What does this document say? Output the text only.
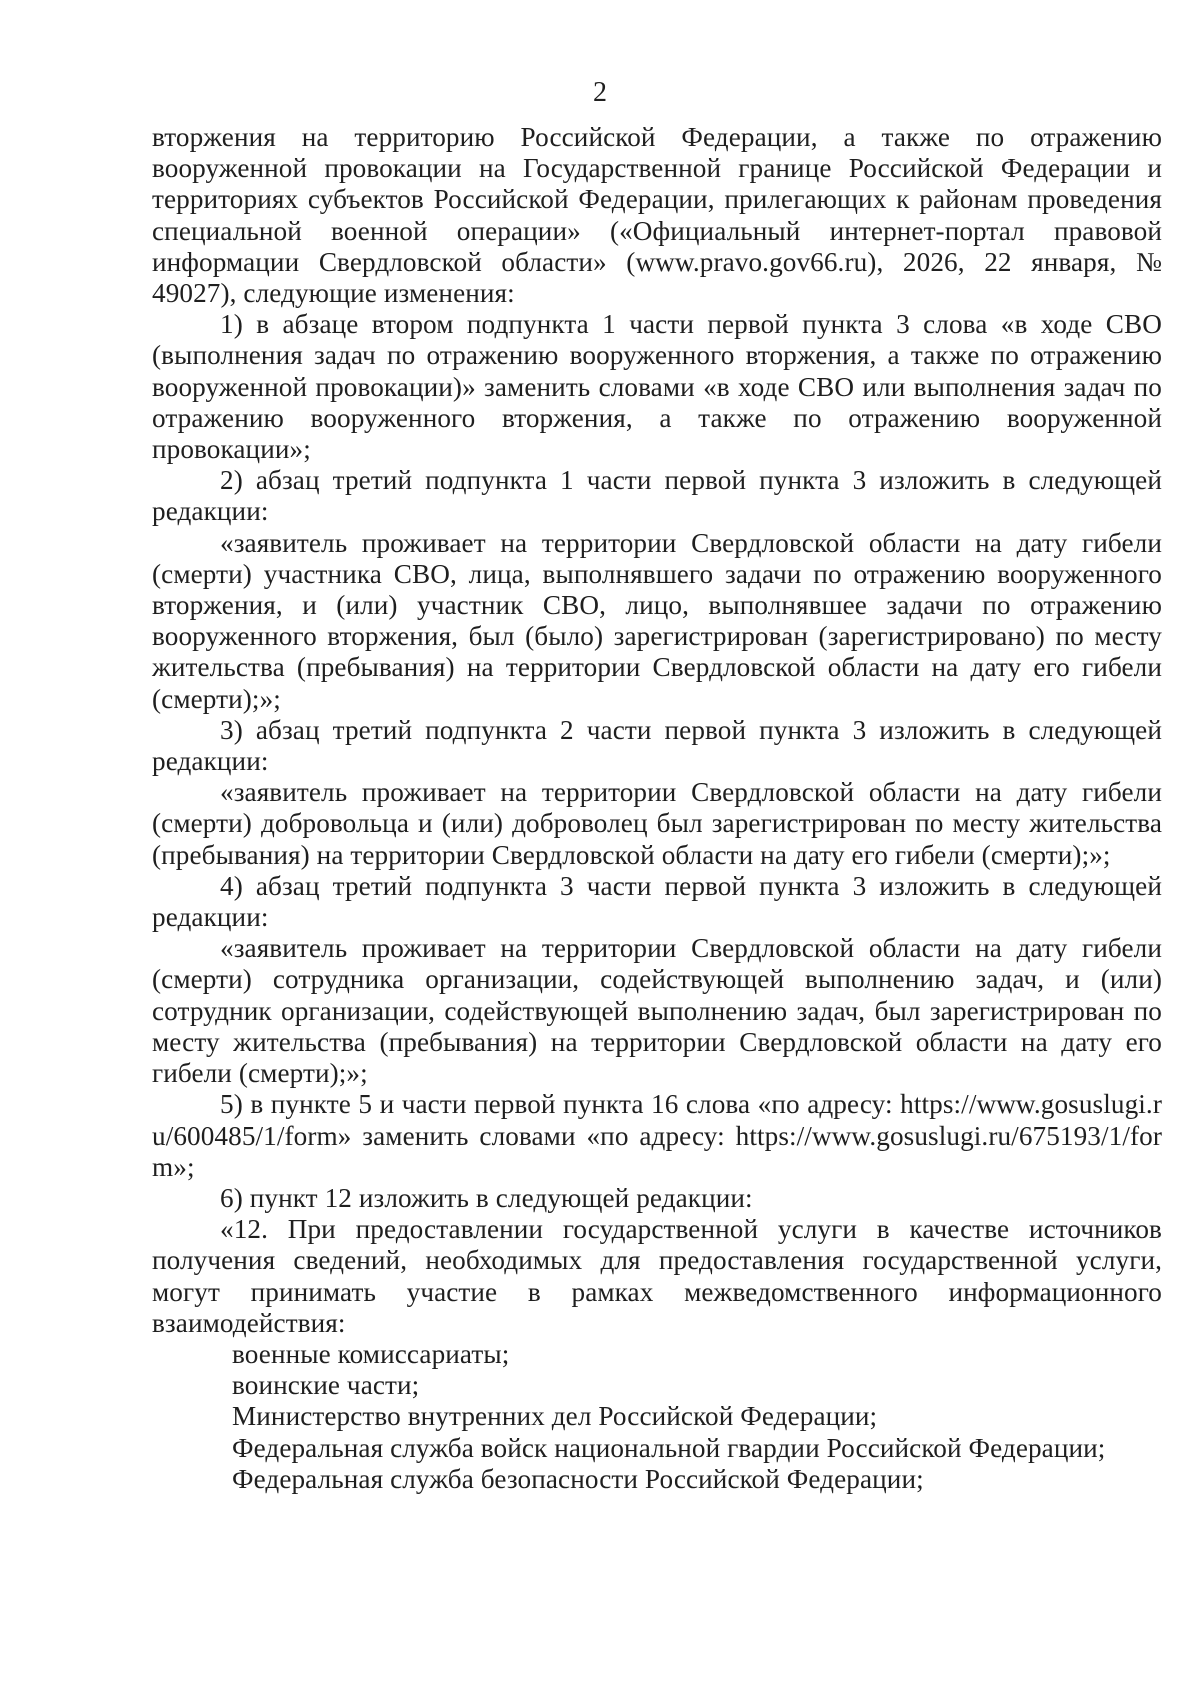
2

вторжения на территорию Российской Федерации, а также по отражению вооруженной провокации на Государственной границе Российской Федерации и территориях субъектов Российской Федерации, прилегающих к районам проведения специальной военной операции» («Официальный интернет-портал правовой информации Свердловской области» (www.pravo.gov66.ru), 2026, 22 января, № 49027), следующие изменения:

1) в абзаце втором подпункта 1 части первой пункта 3 слова «в ходе СВО (выполнения задач по отражению вооруженного вторжения, а также по отражению вооруженной провокации)» заменить словами «в ходе СВО или выполнения задач по отражению вооруженного вторжения, а также по отражению вооруженной провокации»;

2) абзац третий подпункта 1 части первой пункта 3 изложить в следующей редакции:

«заявитель проживает на территории Свердловской области на дату гибели (смерти) участника СВО, лица, выполнявшего задачи по отражению вооруженного вторжения, и (или) участник СВО, лицо, выполнявшее задачи по отражению вооруженного вторжения, был (было) зарегистрирован (зарегистрировано) по месту жительства (пребывания) на территории Свердловской области на дату его гибели (смерти);»;

3) абзац третий подпункта 2 части первой пункта 3 изложить в следующей редакции:

«заявитель проживает на территории Свердловской области на дату гибели (смерти) добровольца и (или) доброволец был зарегистрирован по месту жительства (пребывания) на территории Свердловской области на дату его гибели (смерти);»;

4) абзац третий подпункта 3 части первой пункта 3 изложить в следующей редакции:

«заявитель проживает на территории Свердловской области на дату гибели (смерти) сотрудника организации, содействующей выполнению задач, и (или) сотрудник организации, содействующей выполнению задач, был зарегистрирован по месту жительства (пребывания) на территории Свердловской области на дату его гибели (смерти);»;

5) в пункте 5 и части первой пункта 16 слова «по адресу: https://www.gosuslugi.ru/600485/1/form» заменить словами «по адресу: https://www.gosuslugi.ru/675193/1/form»;

6) пункт 12 изложить в следующей редакции:

«12. При предоставлении государственной услуги в качестве источников получения сведений, необходимых для предоставления государственной услуги, могут принимать участие в рамках межведомственного информационного взаимодействия:

военные комиссариаты;

воинские части;

Министерство внутренних дел Российской Федерации;

Федеральная служба войск национальной гвардии Российской Федерации;

Федеральная служба безопасности Российской Федерации;
